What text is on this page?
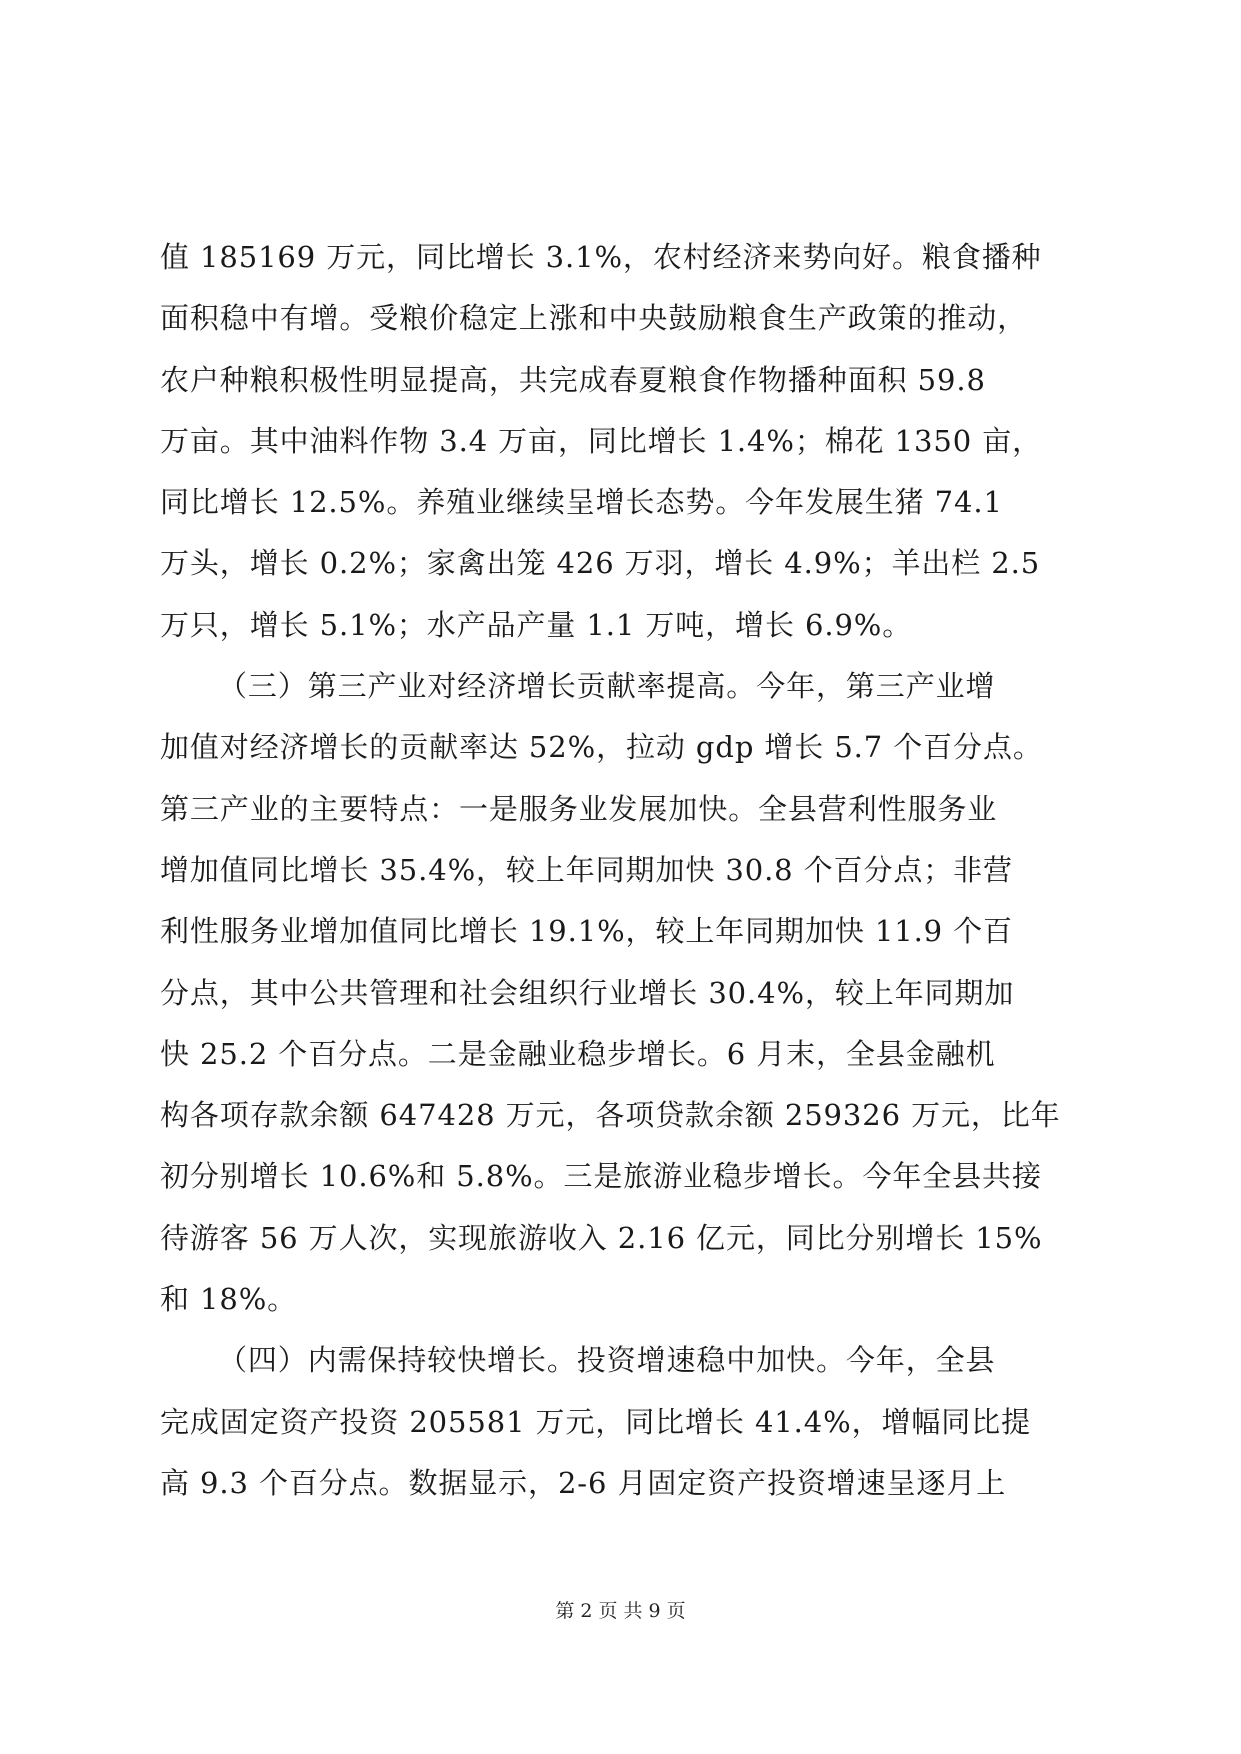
值 185169 万元，同比增长 3.1%，农村经济来势向好。粮食播种
面积稳中有增。受粮价稳定上涨和中央鼓励粮食生产政策的推动，
农户种粮积极性明显提高，共完成春夏粮食作物播种面积 59.8
万亩。其中油料作物 3.4 万亩，同比增长 1.4%；棉花 1350 亩，
同比增长 12.5%。养殖业继续呈增长态势。今年发展生猪 74.1
万头，增长 0.2%；家禽出笼 426 万羽，增长 4.9%；羊出栏 2.5
万只，增长 5.1%；水产品产量 1.1 万吨，增长 6.9%。
（三）第三产业对经济增长贡献率提高。今年，第三产业增
加值对经济增长的贡献率达 52%，拉动 gdp 增长 5.7 个百分点。
第三产业的主要特点：一是服务业发展加快。全县营利性服务业
增加值同比增长 35.4%，较上年同期加快 30.8 个百分点；非营
利性服务业增加值同比增长 19.1%，较上年同期加快 11.9 个百
分点，其中公共管理和社会组织行业增长 30.4%，较上年同期加
快 25.2 个百分点。二是金融业稳步增长。6 月末，全县金融机
构各项存款余额 647428 万元，各项贷款余额 259326 万元，比年
初分别增长 10.6%和 5.8%。三是旅游业稳步增长。今年全县共接
待游客 56 万人次，实现旅游收入 2.16 亿元，同比分别增长 15%
和 18%。
（四）内需保持较快增长。投资增速稳中加快。今年，全县
完成固定资产投资 205581 万元，同比增长 41.4%，增幅同比提
高 9.3 个百分点。数据显示，2-6 月固定资产投资增速呈逐月上
第 2 页 共 9 页
